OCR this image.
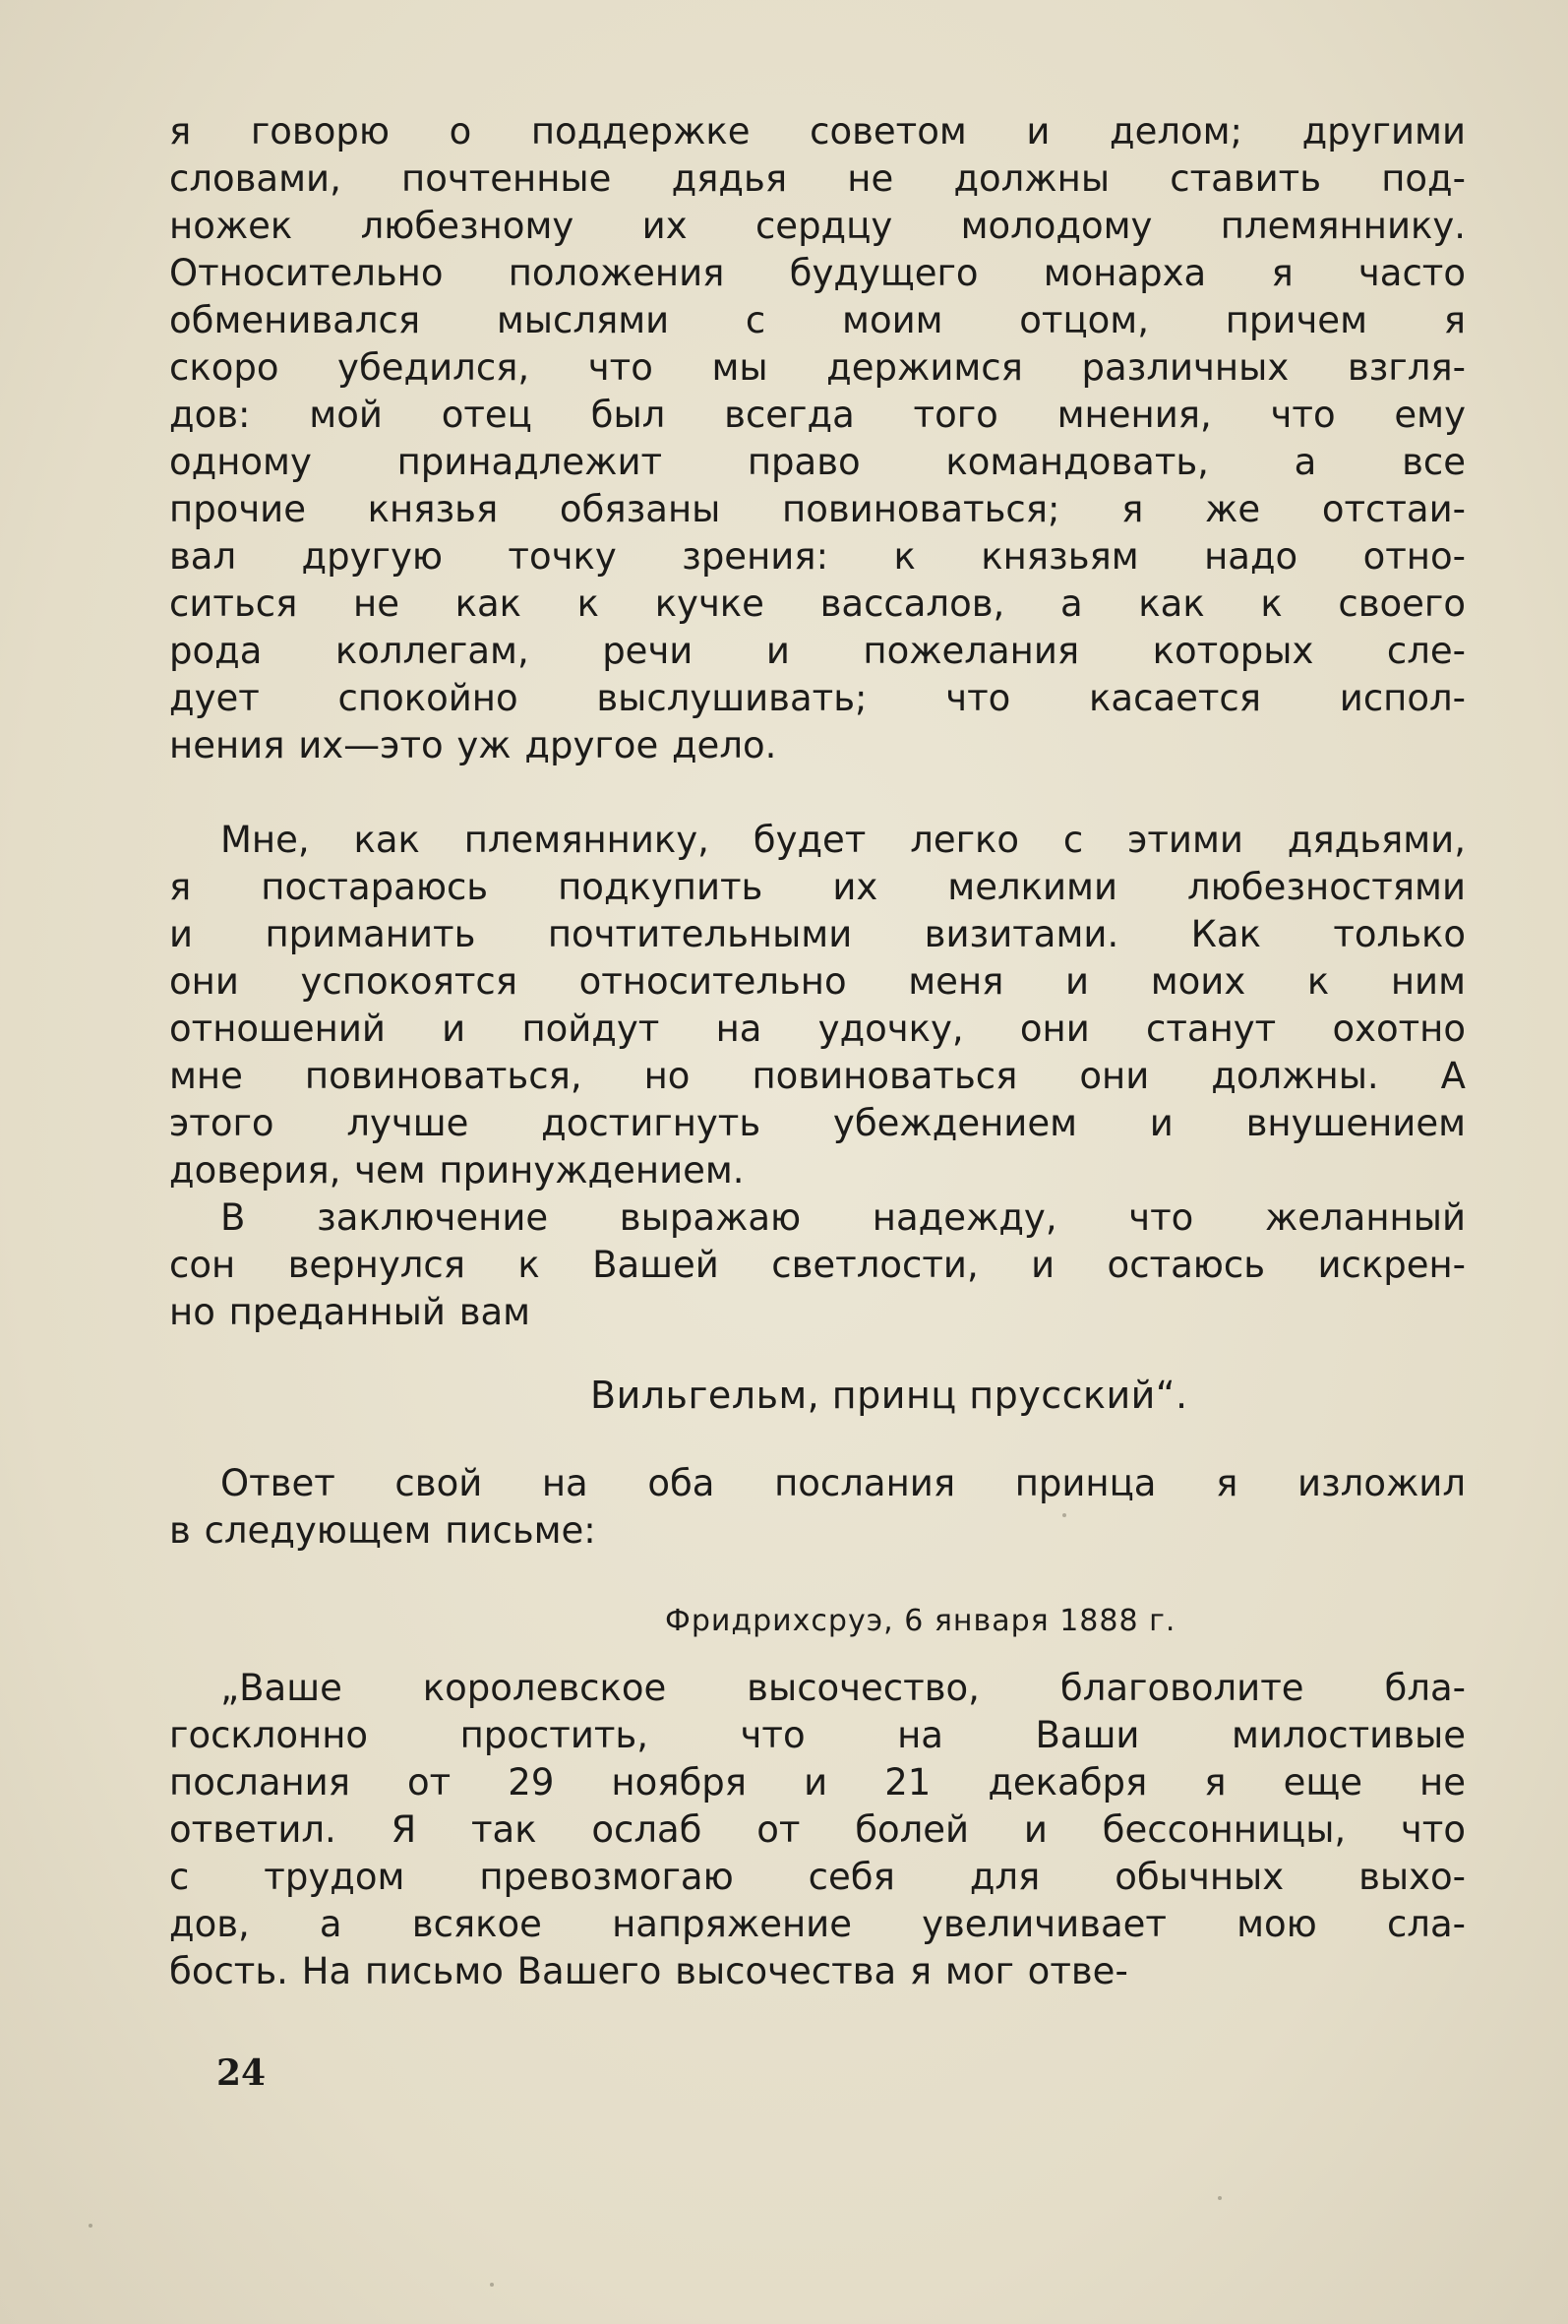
я говорю о поддержке советом и делом; другими
словами, почтенные дядья не должны ставить под-
ножек любезному их сердцу молодому племяннику.
Относительно положения будущего монарха я часто
обменивался мыслями с моим отцом, причем я
скоро убедился, что мы держимся различных взгля-
дов: мой отец был всегда того мнения, что ему
одному принадлежит право командовать, а все
прочие князья обязаны повиноваться; я же отстаи-
вал другую точку зрения: к князьям надо отно-
ситься не как к кучке вассалов, а как к своего
рода коллегам, речи и пожелания которых сле-
дует спокойно выслушивать; что касается испол-
нения их—это уж другое дело.
Мне, как племяннику, будет легко с этими дядьями,
я постараюсь подкупить их мелкими любезностями
и приманить почтительными визитами. Как только
они успокоятся относительно меня и моих к ним
отношений и пойдут на удочку, они станут охотно
мне повиноваться, но повиноваться они должны. А
этого лучше достигнуть убеждением и внушением
доверия, чем принуждением.
В заключение выражаю надежду, что желанный
сон вернулся к Вашей светлости, и остаюсь искрен-
но преданный вам
Ответ свой на оба послания принца я изложил
в следующем письме:
„Ваше королевское высочество, благоволите бла-
госклонно простить, что на Ваши милостивые
послания от 29 ноября и 21 декабря я еще не
ответил. Я так ослаб от болей и бессонницы, что
с трудом превозмогаю себя для обычных выхо-
дов, а всякое напряжение увеличивает мою сла-
бость. На письмо Вашего высочества я мог отве-
Вильгельм, принц прусский“.
Фридрихсруэ, 6 января 1888 г.
24
